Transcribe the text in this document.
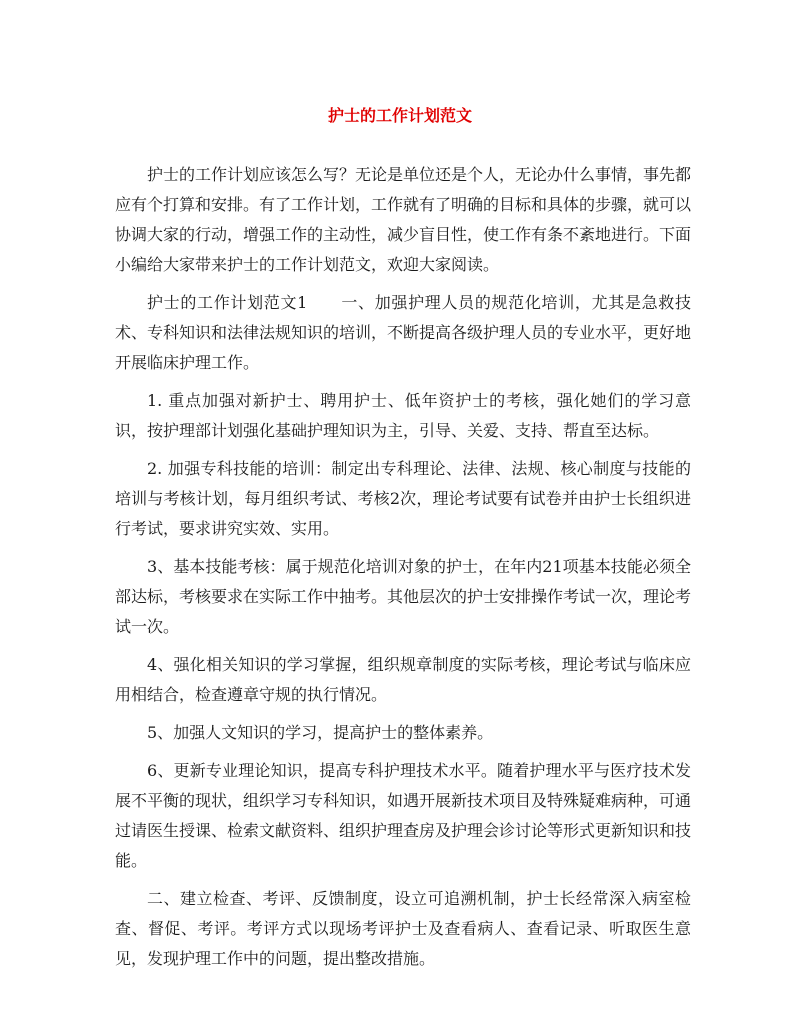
护士的工作计划范文

护士的工作计划应该怎么写？无论是单位还是个人，无论办什么事情，事先都应有个打算和安排。有了工作计划，工作就有了明确的目标和具体的步骤，就可以协调大家的行动，增强工作的主动性，减少盲目性，使工作有条不紊地进行。下面小编给大家带来护士的工作计划范文，欢迎大家阅读。

护士的工作计划范文1　　一、加强护理人员的规范化培训，尤其是急救技术、专科知识和法律法规知识的培训，不断提高各级护理人员的专业水平，更好地开展临床护理工作。

1. 重点加强对新护士、聘用护士、低年资护士的考核，强化她们的学习意识，按护理部计划强化基础护理知识为主，引导、关爱、支持、帮直至达标。

2. 加强专科技能的培训：制定出专科理论、法律、法规、核心制度与技能的培训与考核计划，每月组织考试、考核2次，理论考试要有试卷并由护士长组织进行考试，要求讲究实效、实用。

3、基本技能考核：属于规范化培训对象的护士，在年内21项基本技能必须全部达标，考核要求在实际工作中抽考。其他层次的护士安排操作考试一次，理论考试一次。

4、强化相关知识的学习掌握，组织规章制度的实际考核，理论考试与临床应用相结合，检查遵章守规的执行情况。

5、加强人文知识的学习，提高护士的整体素养。

6、更新专业理论知识，提高专科护理技术水平。随着护理水平与医疗技术发展不平衡的现状，组织学习专科知识，如遇开展新技术项目及特殊疑难病种，可通过请医生授课、检索文献资料、组织护理查房及护理会诊讨论等形式更新知识和技能。

二、建立检查、考评、反馈制度，设立可追溯机制，护士长经常深入病室检查、督促、考评。考评方式以现场考评护士及查看病人、查看记录、听取医生意见，发现护理工作中的问题，提出整改措施。
